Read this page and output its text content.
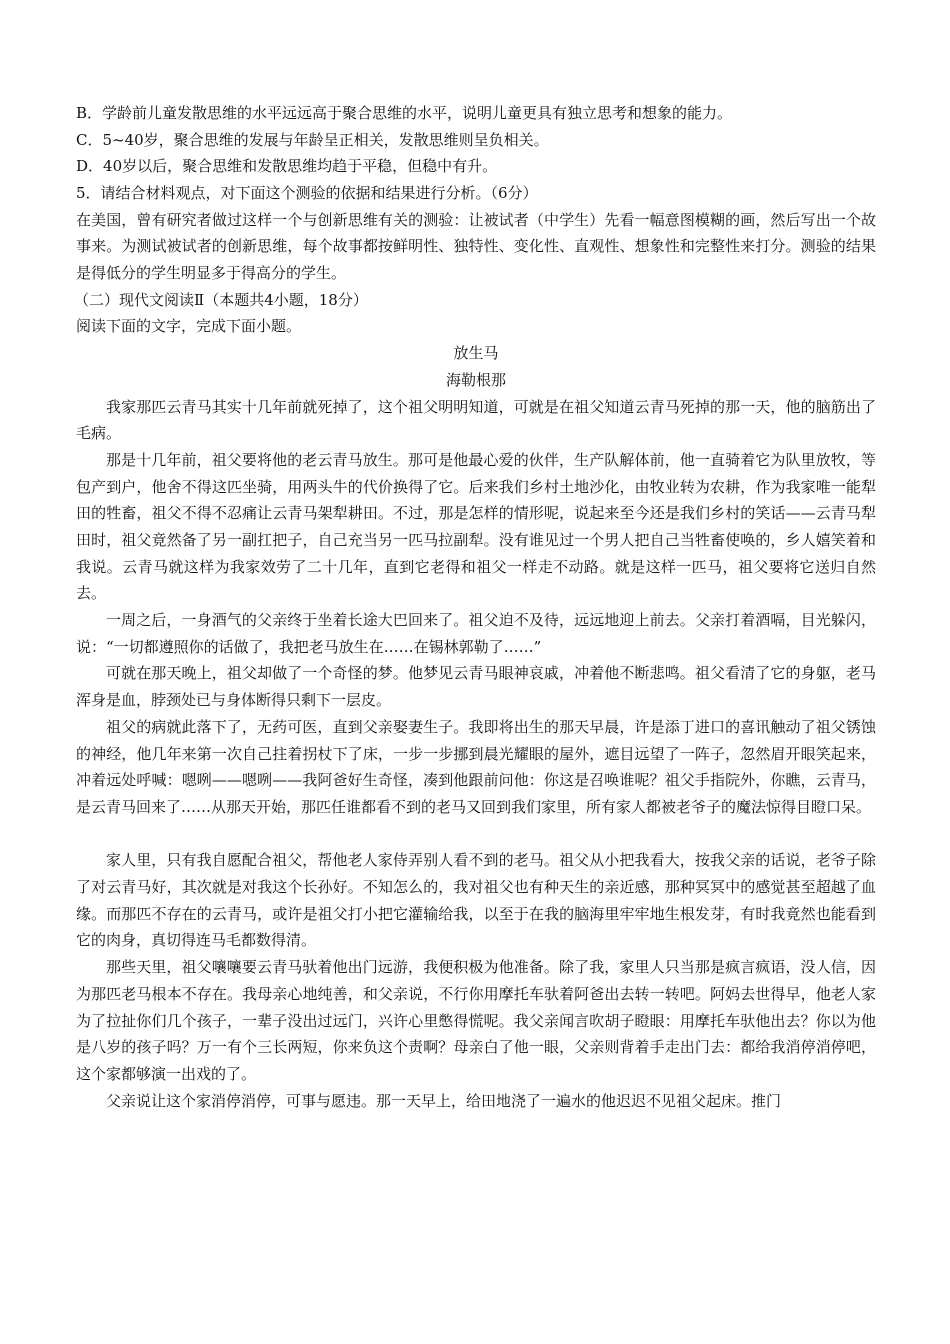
B．学龄前儿童发散思维的水平远远高于聚合思维的水平，说明儿童更具有独立思考和想象的能力。
C．5~40岁，聚合思维的发展与年龄呈正相关，发散思维则呈负相关。
D．40岁以后，聚合思维和发散思维均趋于平稳，但稳中有升。
5．请结合材料观点，对下面这个测验的依据和结果进行分析。（6分）

在美国，曾有研究者做过这样一个与创新思维有关的测验：让被试者（中学生）先看一幅意图模糊的画，然后写出一个故事来。为测试被试者的创新思维，每个故事都按鲜明性、独特性、变化性、直观性、想象性和完整性来打分。测验的结果是得低分的学生明显多于得高分的学生。

（二）现代文阅读Ⅱ（本题共4小题，18分）
阅读下面的文字，完成下面小题。
放生马
海勒根那

我家那匹云青马其实十几年前就死掉了，这个祖父明明知道，可就是在祖父知道云青马死掉的那一天，他的脑筋出了毛病。

那是十几年前，祖父要将他的老云青马放生。那可是他最心爱的伙伴，生产队解体前，他一直骑着它为队里放牧，等包产到户，他舍不得这匹坐骑，用两头牛的代价换得了它。后来我们乡村土地沙化，由牧业转为农耕，作为我家唯一能犁田的牲畜，祖父不得不忍痛让云青马架犁耕田。不过，那是怎样的情形呢，说起来至今还是我们乡村的笑话——云青马犁田时，祖父竟然备了另一副扛把子，自己充当另一匹马拉副犁。没有谁见过一个男人把自己当牲畜使唤的，乡人嬉笑着和我说。云青马就这样为我家效劳了二十几年，直到它老得和祖父一样走不动路。就是这样一匹马，祖父要将它送归自然去。

一周之后，一身酒气的父亲终于坐着长途大巴回来了。祖父迫不及待，远远地迎上前去。父亲打着酒嗝，目光躲闪，说：“一切都遵照你的话做了，我把老马放生在……在锡林郭勒了……”

可就在那天晚上，祖父却做了一个奇怪的梦。他梦见云青马眼神哀戚，冲着他不断悲鸣。祖父看清了它的身躯，老马浑身是血，脖颈处已与身体断得只剩下一层皮。

祖父的病就此落下了，无药可医，直到父亲娶妻生子。我即将出生的那天早晨，许是添丁进口的喜讯触动了祖父锈蚀的神经，他几年来第一次自己拄着拐杖下了床，一步一步挪到晨光耀眼的屋外，遮目远望了一阵子，忽然眉开眼笑起来，冲着远处呼喊：嗯咧——嗯咧——我阿爸好生奇怪，凑到他跟前问他：你这是召唤谁呢？祖父手指院外，你瞧，云青马，是云青马回来了……从那天开始，那匹任谁都看不到的老马又回到我们家里，所有家人都被老爷子的魔法惊得目瞪口呆。

家人里，只有我自愿配合祖父，帮他老人家侍弄别人看不到的老马。祖父从小把我看大，按我父亲的话说，老爷子除了对云青马好，其次就是对我这个长孙好。不知怎么的，我对祖父也有种天生的亲近感，那种冥冥中的感觉甚至超越了血缘。而那匹不存在的云青马，或许是祖父打小把它灌输给我，以至于在我的脑海里牢牢地生根发芽，有时我竟然也能看到它的肉身，真切得连马毛都数得清。

那些天里，祖父嚷嚷要云青马驮着他出门远游，我便积极为他准备。除了我，家里人只当那是疯言疯语，没人信，因为那匹老马根本不存在。我母亲心地纯善，和父亲说，不行你用摩托车驮着阿爸出去转一转吧。阿妈去世得早，他老人家为了拉扯你们几个孩子，一辈子没出过远门，兴许心里憋得慌呢。我父亲闻言吹胡子瞪眼：用摩托车驮他出去？你以为他是八岁的孩子吗？万一有个三长两短，你来负这个责啊？母亲白了他一眼，父亲则背着手走出门去：都给我消停消停吧，这个家都够演一出戏的了。

父亲说让这个家消停消停，可事与愿违。那一天早上，给田地浇了一遍水的他迟迟不见祖父起床。推门
